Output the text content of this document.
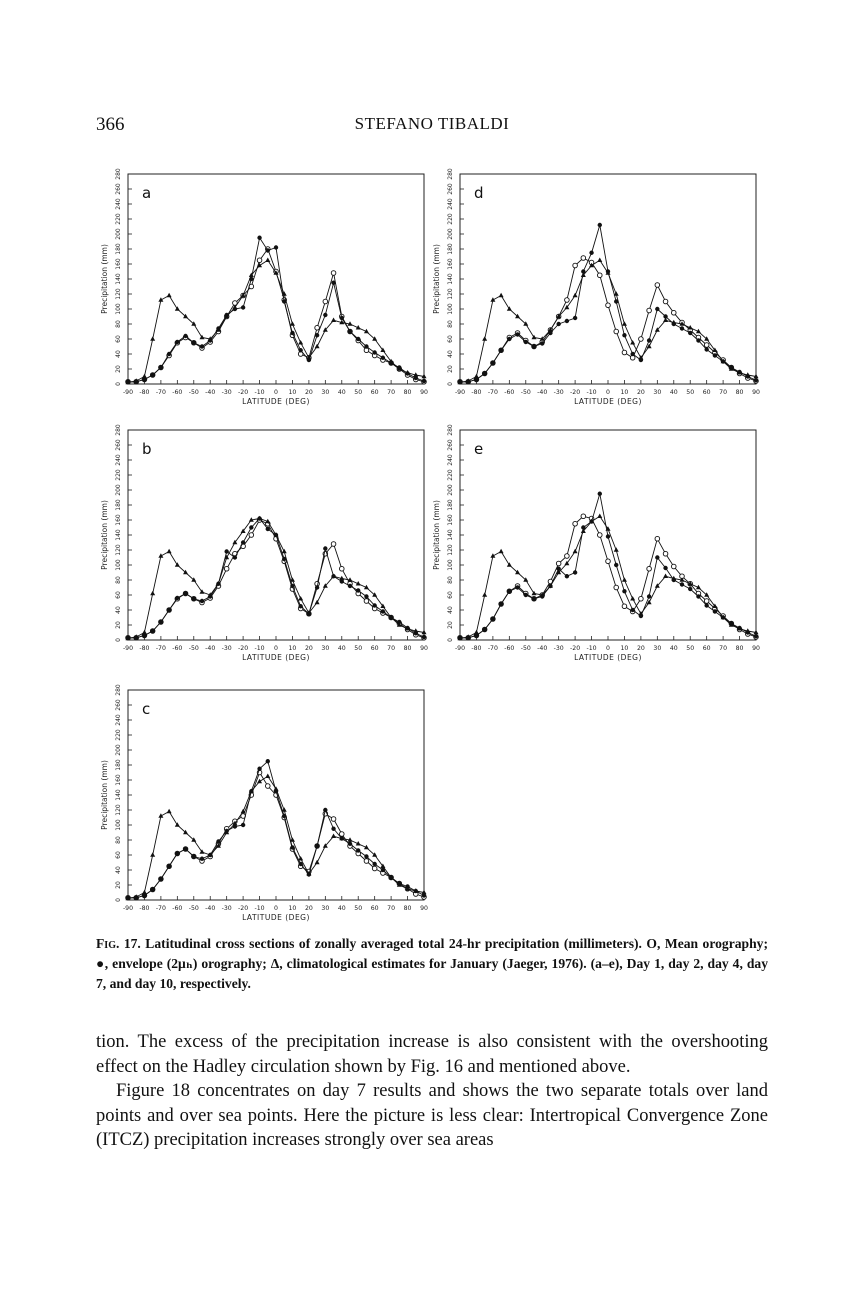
366	STEFANO TIBALDI
0
20
40
60
80
100
120
140
160
180
200
220
240
260
280
-90 -80 -70 -60 -50 -40 -30 -20 -10 0 10 20 30 40 50 60 70 80 90
LATITUDE (DEG)
Precipitation (mm)
a
0
20
40
60
80
100
120
140
160
180
200
220
240
260
280
-90 -80 -70 -60 -50 -40 -30 -20 -10 0 10 20 30 40 50 60 70 80 90
LATITUDE (DEG)
Precipitation (mm)
b
0
20
40
60
80
100
120
140
160
180
200
220
240
260
280
-90 -80 -70 -60 -50 -40 -30 -20 -10 0 10 20 30 40 50 60 70 80 90
LATITUDE (DEG)
Precipitation (mm)
c
0
20
40
60
80
100
120
140
160
180
200
220
240
260
280
-90 -80 -70 -60 -50 -40 -30 -20 -10 0 10 20 30 40 50 60 70 80 90
LATITUDE (DEG)
Precipitation (mm)
d
0
20
40
60
80
100
120
140
160
180
200
220
240
260
280
-90 -80 -70 -60 -50 -40 -30 -20 -10 0 10 20 30 40 50 60 70 80 90
LATITUDE (DEG)
Precipitation (mm)
e
Fig. 17. Latitudinal cross sections of zonally averaged total 24-hr precipitation (millimeters). O, Mean orography; ●, envelope (2μₕ) orography; Δ, climatological estimates for January (Jaeger, 1976). (a–e), Day 1, day 2, day 4, day 7, and day 10, respectively.

tion. The excess of the precipitation increase is also consistent with the overshooting effect on the Hadley circulation shown by Fig. 16 and mentioned above.

Figure 18 concentrates on day 7 results and shows the two separate totals over land points and over sea points. Here the picture is less clear: Intertropical Convergence Zone (ITCZ) precipitation increases strongly over sea areas
